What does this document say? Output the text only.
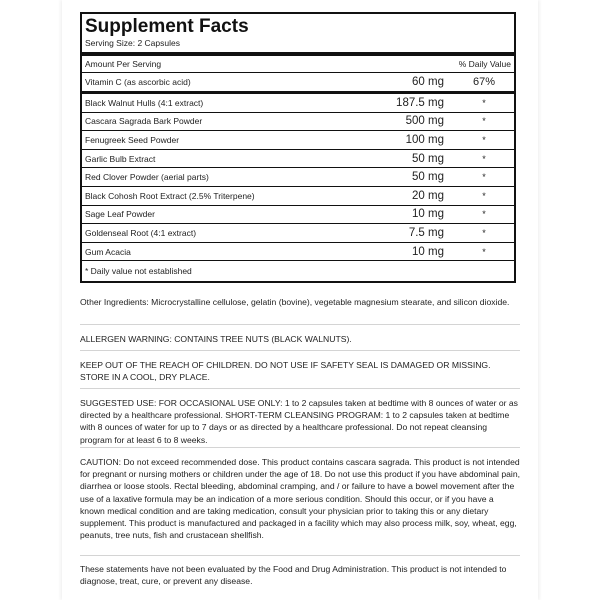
Supplement Facts
Serving Size: 2 Capsules
Amount Per Serving	% Daily Value
Vitamin C (as ascorbic acid)	60 mg	67%
Black Walnut Hulls (4:1 extract)	187.5 mg	*
Cascara Sagrada Bark Powder	500 mg	*
Fenugreek Seed Powder	100 mg	*
Garlic Bulb Extract	50 mg	*
Red Clover Powder (aerial parts)	50 mg	*
Black Cohosh Root Extract (2.5% Triterpene)	20 mg	*
Sage Leaf Powder	10 mg	*
Goldenseal Root (4:1 extract)	7.5 mg	*
Gum Acacia	10 mg	*
* Daily value not established
Other Ingredients: Microcrystalline cellulose, gelatin (bovine), vegetable magnesium stearate, and silicon dioxide.
ALLERGEN WARNING: CONTAINS TREE NUTS (BLACK WALNUTS).
KEEP OUT OF THE REACH OF CHILDREN. DO NOT USE IF SAFETY SEAL IS DAMAGED OR MISSING. STORE IN A COOL, DRY PLACE.
SUGGESTED USE: FOR OCCASIONAL USE ONLY: 1 to 2 capsules taken at bedtime with 8 ounces of water or as directed by a healthcare professional. SHORT-TERM CLEANSING PROGRAM: 1 to 2 capsules taken at bedtime with 8 ounces of water for up to 7 days or as directed by a healthcare professional. Do not repeat cleansing program for at least 6 to 8 weeks.
CAUTION: Do not exceed recommended dose. This product contains cascara sagrada. This product is not intended for pregnant or nursing mothers or children under the age of 18. Do not use this product if you have abdominal pain, diarrhea or loose stools. Rectal bleeding, abdominal cramping, and / or failure to have a bowel movement after the use of a laxative formula may be an indication of a more serious condition. Should this occur, or if you have a known medical condition and are taking medication, consult your physician prior to taking this or any dietary supplement. This product is manufactured and packaged in a facility which may also process milk, soy, wheat, egg, peanuts, tree nuts, fish and crustacean shellfish.
These statements have not been evaluated by the Food and Drug Administration. This product is not intended to diagnose, treat, cure, or prevent any disease.
